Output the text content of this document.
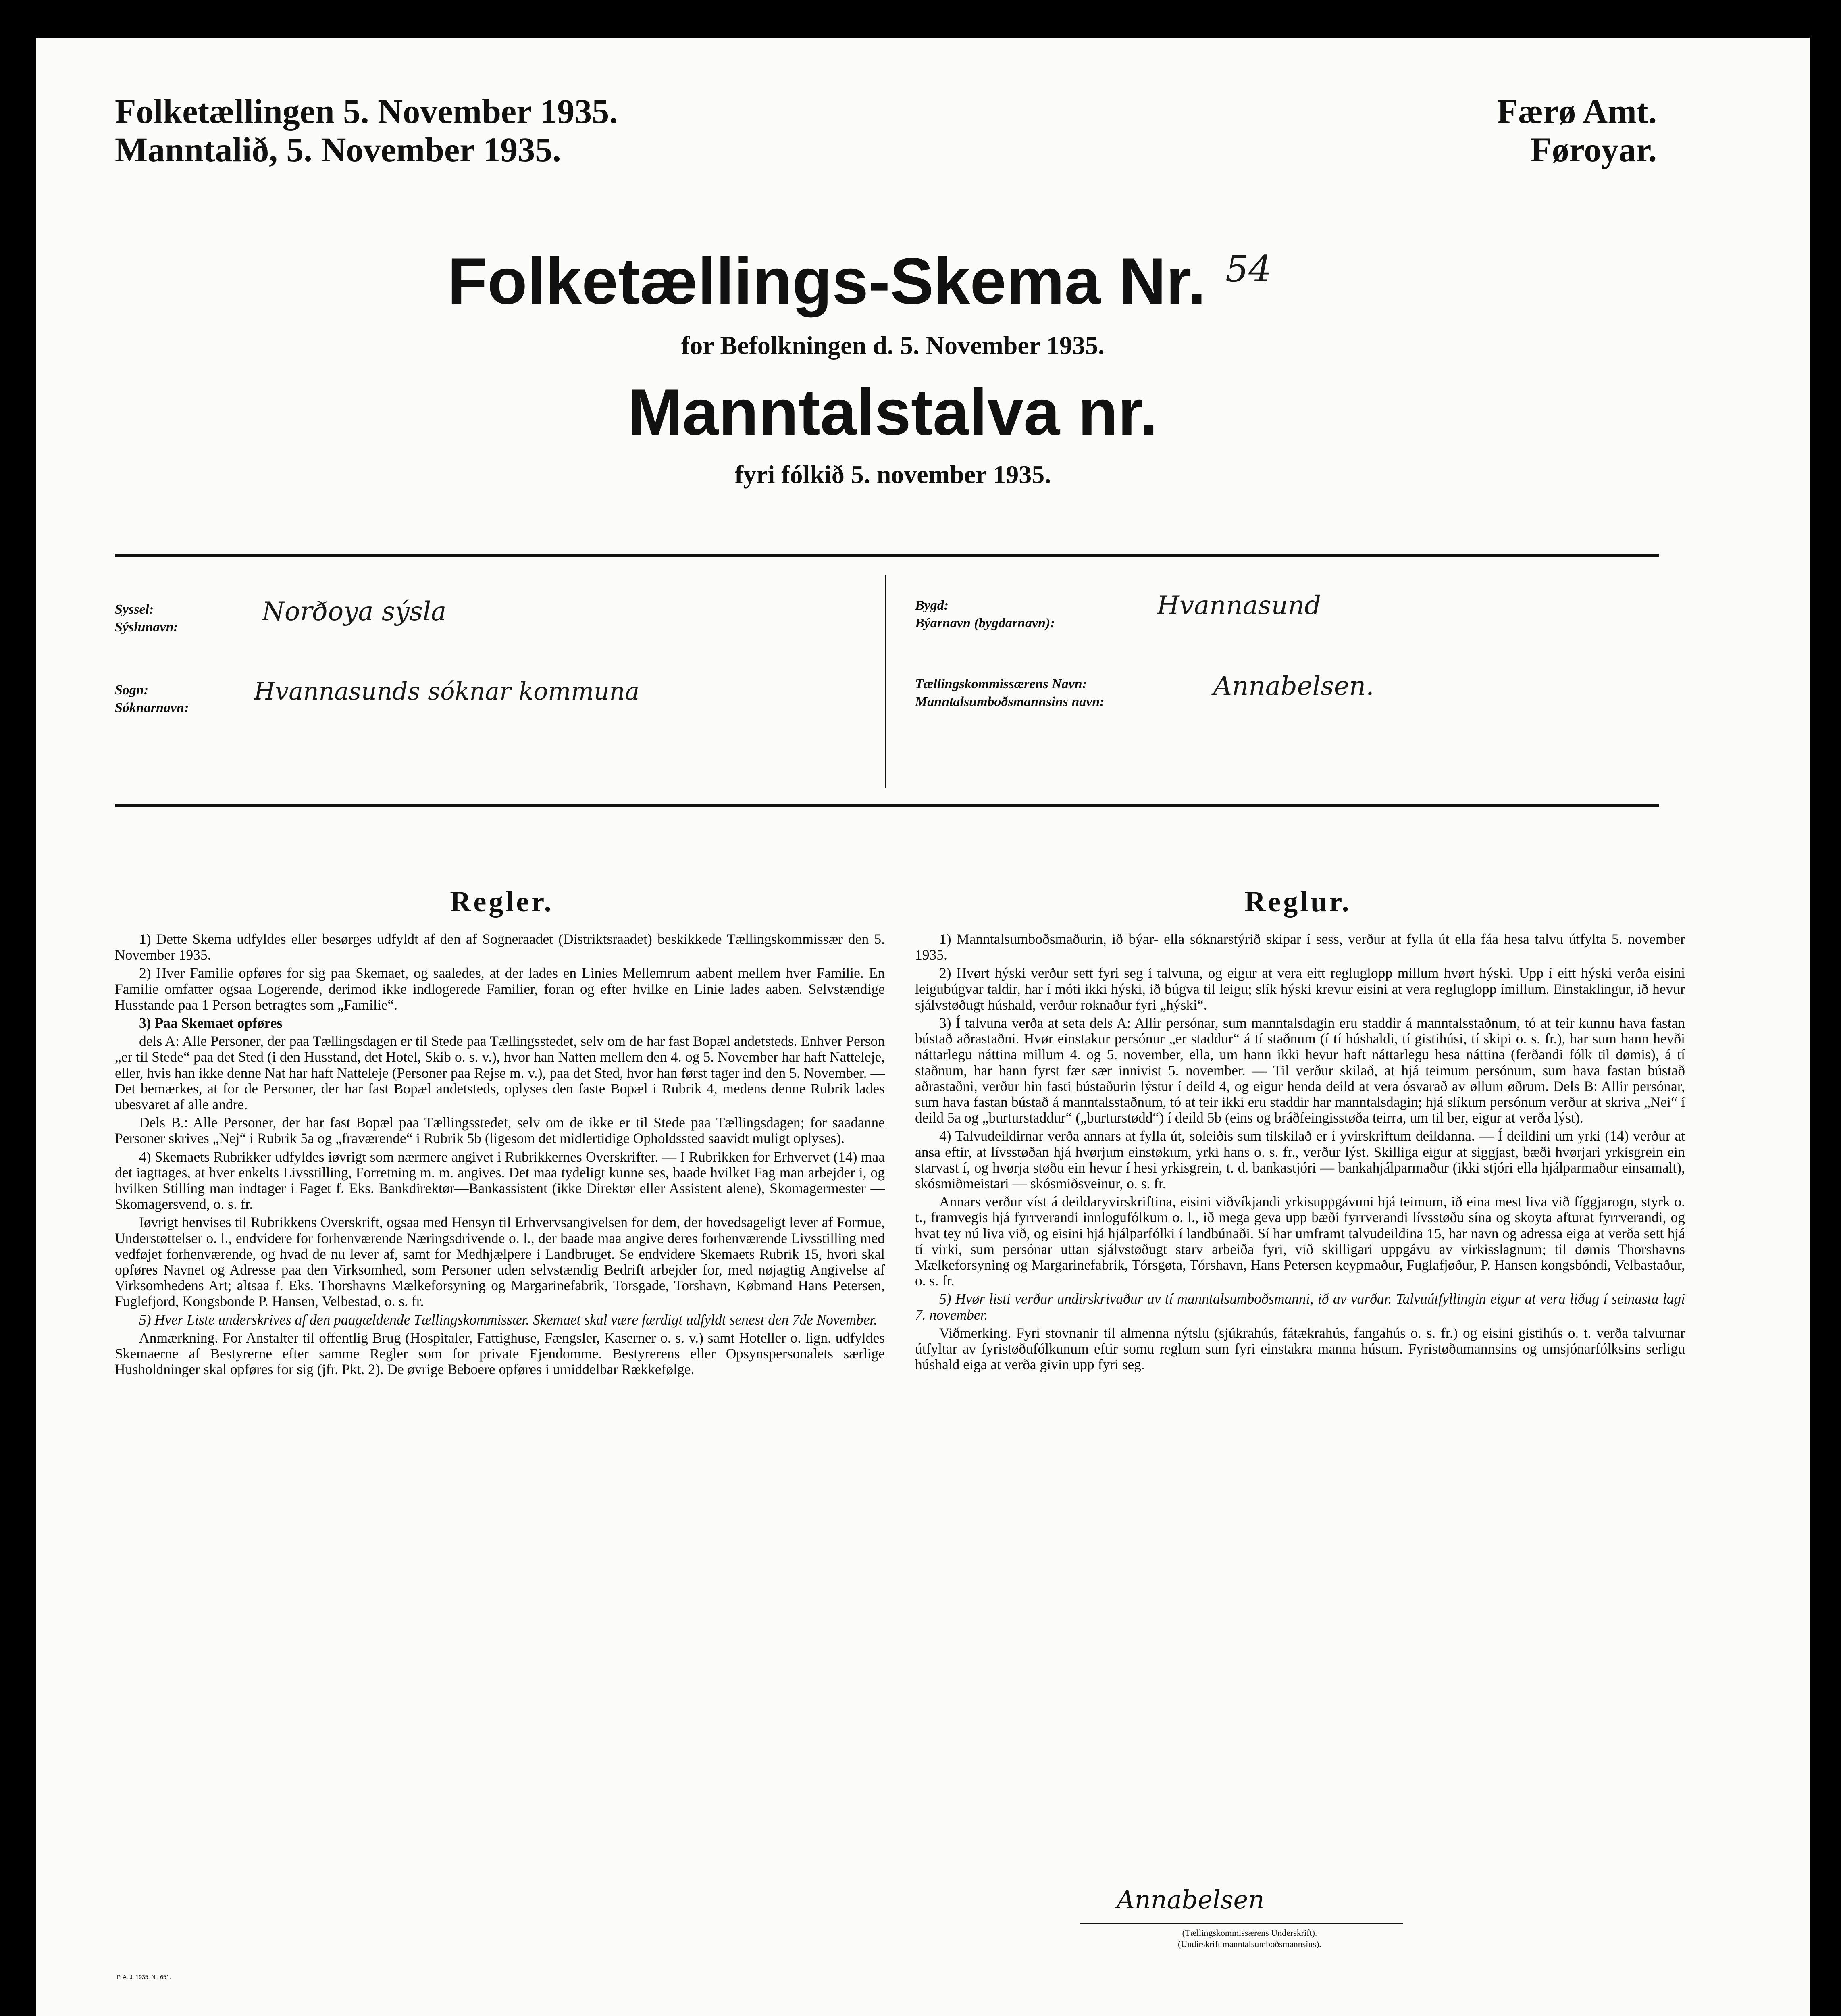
Folketællingen 5. November 1935.
Manntalið, 5. November 1935.
Færø Amt.
Føroyar.
Folketællings-Skema Nr. 54
for Befolkningen d. 5. November 1935.
Manntalstalva nr.
fyri fólkið 5. november 1935.
Syssel:
Sýslunavn:
Norðoya sýsla
Sogn:
Sóknarnavn:
Hvannasunds sóknar kommuna
Bygd:
Býarnavn (bygdarnavn):
Hvannasund
Tællingskommissærens Navn:
Manntalsumboðsmannsins navn:
Annabelsen.
Regler.	Reglur.

1) Dette Skema udfyldes eller besørges udfyldt af den af Sogneraadet (Distriktsraadet) beskikkede Tællingskommissær den 5. November 1935.

2) Hver Familie opføres for sig paa Skemaet, og saaledes, at der lades en Linies Mellemrum aabent mellem hver Familie. En Familie omfatter ogsaa Logerende, derimod ikke indlogerede Familier, foran og efter hvilke en Linie lades aaben. Selvstændige Husstande paa 1 Person betragtes som „Familie“.

3) Paa Skemaet opføres

dels A: Alle Personer, der paa Tællingsdagen er til Stede paa Tællingsstedet, selv om de har fast Bopæl andetsteds. Enhver Person „er til Stede“ paa det Sted (i den Husstand, det Hotel, Skib o. s. v.), hvor han Natten mellem den 4. og 5. November har haft Natteleje, eller, hvis han ikke denne Nat har haft Natteleje (Personer paa Rejse m. v.), paa det Sted, hvor han først tager ind den 5. November. — Det bemærkes, at for de Personer, der har fast Bopæl andetsteds, oplyses den faste Bopæl i Rubrik 4, medens denne Rubrik lades ubesvaret af alle andre.

Dels B.: Alle Personer, der har fast Bopæl paa Tællingsstedet, selv om de ikke er til Stede paa Tællingsdagen; for saadanne Personer skrives „Nej“ i Rubrik 5a og „fraværende“ i Rubrik 5b (ligesom det midlertidige Opholdssted saavidt muligt oplyses).

4) Skemaets Rubrikker udfyldes iøvrigt som nærmere angivet i Rubrikkernes Overskrifter. — I Rubrikken for Erhvervet (14) maa det iagttages, at hver enkelts Livsstilling, Forretning m. m. angives. Det maa tydeligt kunne ses, baade hvilket Fag man arbejder i, og hvilken Stilling man indtager i Faget f. Eks. Bankdirektør—Bankassistent (ikke Direktør eller Assistent alene), Skomagermester — Skomagersvend, o. s. fr.

Iøvrigt henvises til Rubrikkens Overskrift, ogsaa med Hensyn til Erhvervsangivelsen for dem, der hovedsageligt lever af Formue, Understøttelser o. l., endvidere for forhenværende Næringsdrivende o. l., der baade maa angive deres forhenværende Livsstilling med vedføjet forhenværende, og hvad de nu lever af, samt for Medhjælpere i Landbruget. Se endvidere Skemaets Rubrik 15, hvori skal opføres Navnet og Adresse paa den Virksomhed, som Personer uden selvstændig Bedrift arbejder for, med nøjagtig Angivelse af Virksomhedens Art; altsaa f. Eks. Thorshavns Mælkeforsyning og Margarinefabrik, Torsgade, Torshavn, Købmand Hans Petersen, Fuglefjord, Kongsbonde P. Hansen, Velbestad, o. s. fr.

5) Hver Liste underskrives af den paagældende Tællingskommissær. Skemaet skal være færdigt udfyldt senest den 7de November.

Anmærkning. For Anstalter til offentlig Brug (Hospitaler, Fattighuse, Fængsler, Kaserner o. s. v.) samt Hoteller o. lign. udfyldes Skemaerne af Bestyrerne efter samme Regler som for private Ejendomme. Bestyrerens eller Opsynspersonalets særlige Husholdninger skal opføres for sig (jfr. Pkt. 2). De øvrige Beboere opføres i umiddelbar Rækkefølge.

1) Manntalsumboðsmaðurin, ið býar- ella sóknarstýrið skipar í sess, verður at fylla út ella fáa hesa talvu útfylta 5. november 1935.

2) Hvørt hýski verður sett fyri seg í talvuna, og eigur at vera eitt regluglopp millum hvørt hýski. Upp í eitt hýski verða eisini leigubúgvar taldir, har í móti ikki hýski, ið búgva til leigu; slík hýski krevur eisini at vera regluglopp ímillum. Einstaklingur, ið hevur sjálvstøðugt húshald, verður roknaður fyri „hýski“.

3) Í talvuna verða at seta dels A: Allir persónar, sum manntalsdagin eru staddir á manntalsstaðnum, tó at teir kunnu hava fastan bústað aðrastaðni. Hvør einstakur persónur „er staddur“ á tí staðnum (í tí húshaldi, tí gistihúsi, tí skipi o. s. fr.), har sum hann hevði náttarlegu náttina millum 4. og 5. november, ella, um hann ikki hevur haft náttarlegu hesa náttina (ferðandi fólk til dømis), á tí staðnum, har hann fyrst fær sær innivist 5. november. — Til verður skilað, at hjá teimum persónum, sum hava fastan bústað aðrastaðni, verður hin fasti bústaðurin lýstur í deild 4, og eigur henda deild at vera ósvarað av øllum øðrum. Dels B: Allir persónar, sum hava fastan bústað á manntalsstaðnum, tó at teir ikki eru staddir har manntalsdagin; hjá slíkum persónum verður at skriva „Nei“ í deild 5a og „burturstaddur“ („burturstødd“) í deild 5b (eins og bráðfeingisstøða teirra, um til ber, eigur at verða lýst).

4) Talvudeildirnar verða annars at fylla út, soleiðis sum tilskilað er í yvirskriftum deildanna. — Í deildini um yrki (14) verður at ansa eftir, at lívsstøðan hjá hvørjum einstøkum, yrki hans o. s. fr., verður lýst. Skilliga eigur at siggjast, bæði hvørjari yrkisgrein ein starvast í, og hvørja støðu ein hevur í hesi yrkisgrein, t. d. bankastjóri — bankahjálparmaður (ikki stjóri ella hjálparmaður einsamalt), skósmiðmeistari — skósmiðsveinur, o. s. fr.

Annars verður víst á deildaryvirskriftina, eisini viðvíkjandi yrkisuppgávuni hjá teimum, ið eina mest liva við fíggjarogn, styrk o. t., framvegis hjá fyrrverandi innlogufólkum o. l., ið mega geva upp bæði fyrrverandi lívsstøðu sína og skoyta afturat fyrrverandi, og hvat tey nú liva við, og eisini hjá hjálparfólki í landbúnaði. Sí har umframt talvudeildina 15, har navn og adressa eiga at verða sett hjá tí virki, sum persónar uttan sjálvstøðugt starv arbeiða fyri, við skilligari uppgávu av virkisslagnum; til dømis Thorshavns Mælkeforsyning og Margarinefabrik, Tórsgøta, Tórshavn, Hans Petersen keypmaður, Fuglafjøður, P. Hansen kongsbóndi, Velbastaður, o. s. fr.

5) Hvør listi verður undirskrivaður av tí manntalsumboðsmanni, ið av varðar. Talvuútfyllingin eigur at vera liðug í seinasta lagi 7. november.

Viðmerking. Fyri stovnanir til almenna nýtslu (sjúkrahús, fátækrahús, fangahús o. s. fr.) og eisini gistihús o. t. verða talvurnar útfyltar av fyristøðufólkunum eftir somu reglum sum fyri einstakra manna húsum. Fyristøðumannsins og umsjónarfólksins serligu húshald eiga at verða givin upp fyri seg.

Annabelsen
(Tællingskommissærens Underskrift).
(Undirskrift manntalsumboðsmannsins).
P. A. J. 1935. Nr. 651.
